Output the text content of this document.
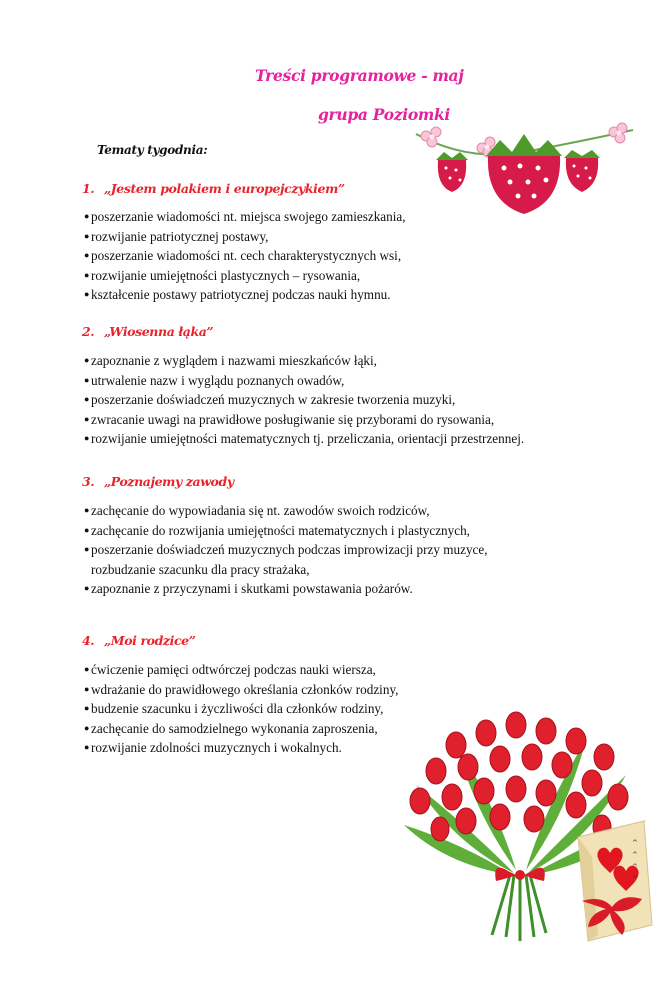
Treści programowe - maj
grupa Poziomki
Tematy tygodnia:
1. „Jestem polakiem i europejczykiem”
● poszerzanie wiadomości nt. miejsca swojego zamieszkania,
● rozwijanie patriotycznej postawy,
● poszerzanie wiadomości nt. cech charakterystycznych wsi,
● rozwijanie umiejętności plastycznych – rysowania,
● kształcenie postawy patriotycznej podczas nauki hymnu.
2. „Wiosenna łąka”
● zapoznanie z wyglądem i nazwami mieszkańców łąki,
● utrwalenie nazw i wyglądu poznanych owadów,
● poszerzanie doświadczeń muzycznych w zakresie tworzenia muzyki,
● zwracanie uwagi na prawidłowe posługiwanie się przyborami do rysowania,
● rozwijanie umiejętności matematycznych tj. przeliczania, orientacji przestrzennej.
3. „Poznajemy zawody
● zachęcanie do wypowiadania się nt. zawodów swoich rodziców,
● zachęcanie do rozwijania umiejętności matematycznych i plastycznych,
● poszerzanie doświadczeń muzycznych podczas improwizacji przy muzyce,
rozbudzanie szacunku dla pracy strażaka,
● zapoznanie z przyczynami i skutkami powstawania pożarów.
4. „Moi rodzice”
● ćwiczenie pamięci odtwórczej podczas nauki wiersza,
● wdrażanie do prawidłowego określania członków rodziny,
● budzenie szacunku i życzliwości dla członków rodziny,
● zachęcanie do samodzielnego wykonania zaproszenia,
● rozwijanie zdolności muzycznych i wokalnych.
^
^
^
^
